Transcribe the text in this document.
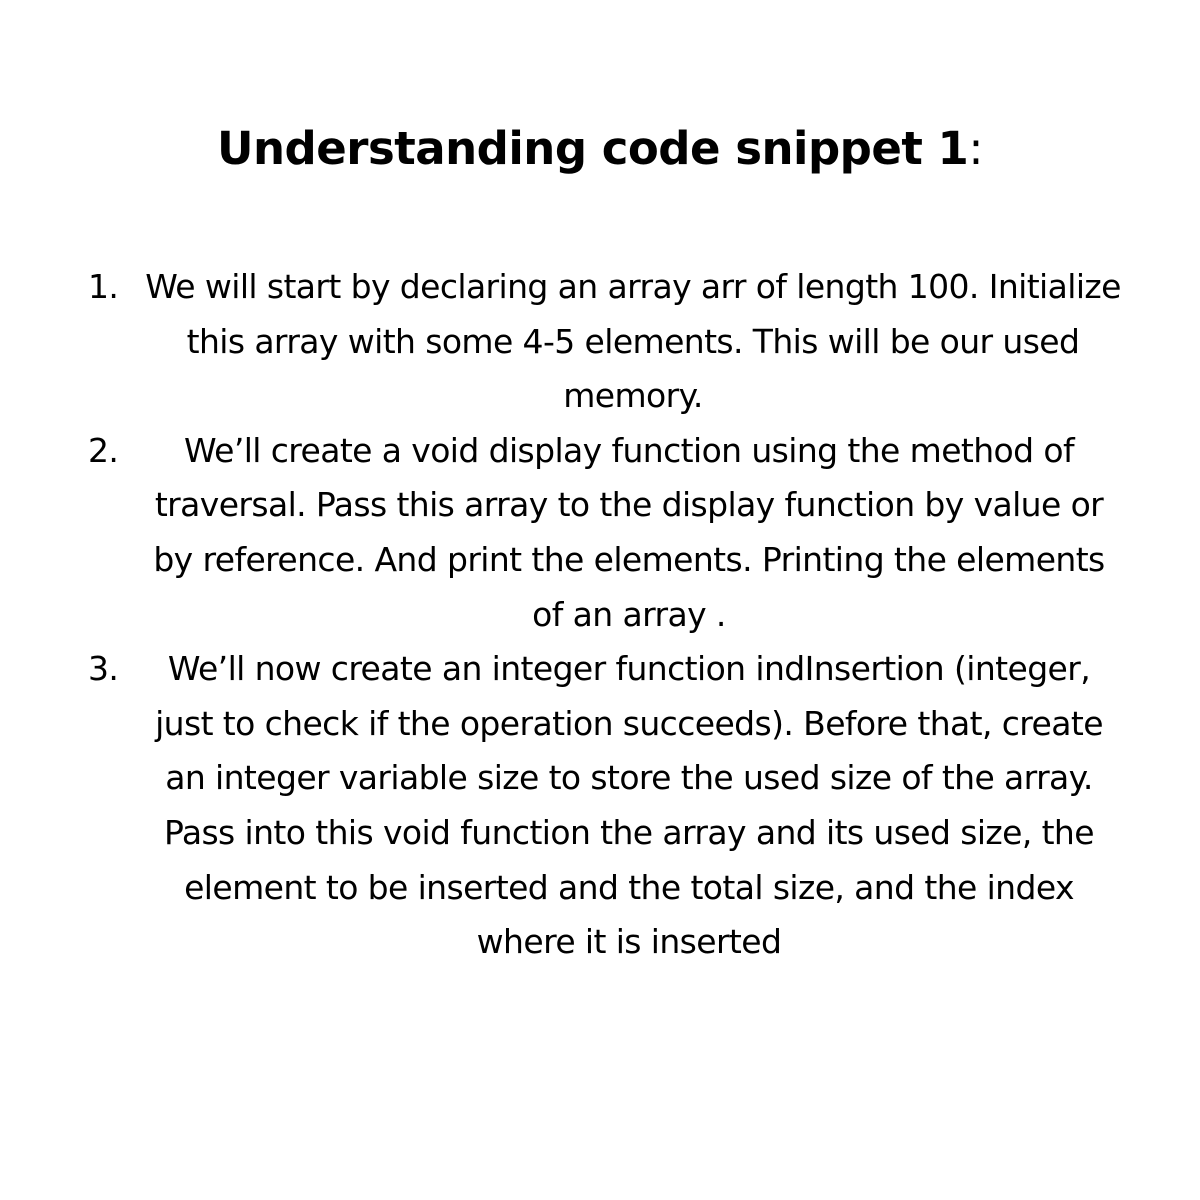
Understanding code snippet 1:
1. We will start by declaring an array arr of length 100. Initialize this array with some 4-5 elements. This will be our used memory.
2.	We’ll create a void display function using the method of traversal. Pass this array to the display function by value or by reference. And print the elements. Printing the elements of an array .
3.	We’ll now create an integer function indInsertion (integer, just to check if the operation succeeds). Before that, create an integer variable size to store the used size of the array. Pass into this void function the array and its used size, the element to be inserted and the total size, and the index where it is inserted
